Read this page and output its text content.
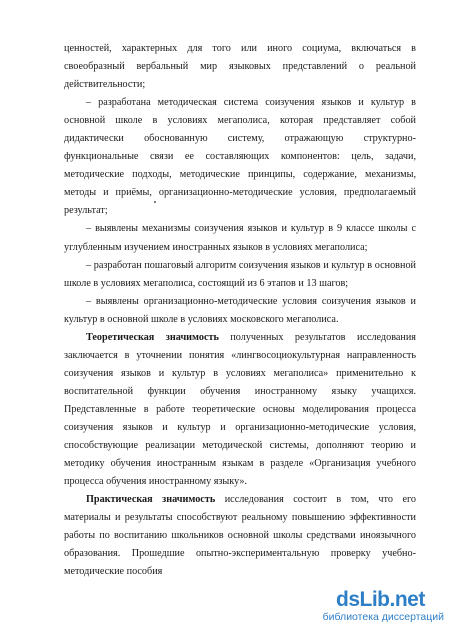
ценностей, характерных для того или иного социума, включаться в своеобразный вербальный мир языковых представлений о реальной действительности;

– разработана методическая система соизучения языков и культур в основной школе в условиях мегаполиса, которая представляет собой дидактически обоснованную систему, отражающую структурно-функциональные связи ее составляющих компонентов: цель, задачи, методические подходы, методические принципы, содержание, механизмы, методы и приёмы, организационно-методические условия, предполагаемый результат;

– выявлены механизмы соизучения языков и культур в 9 классе школы с углубленным изучением иностранных языков в условиях мегаполиса;

– разработан пошаговый алгоритм соизучения языков и культур в основной школе в условиях мегаполиса, состоящий из 6 этапов и 13 шагов;

– выявлены организационно-методические условия соизучения языков и культур в основной школе в условиях московского мегаполиса.

Теоретическая значимость полученных результатов исследования заключается в уточнении понятия «лингвосоциокультурная направленность соизучения языков и культур в условиях мегаполиса» применительно к воспитательной функции обучения иностранному языку учащихся. Представленные в работе теоретические основы моделирования процесса соизучения языков и культур и организационно-методические условия, способствующие реализации методической системы, дополняют теорию и методику обучения иностранным языкам в разделе «Организация учебного процесса обучения иностранному языку».

Практическая значимость исследования состоит в том, что его материалы и результаты способствуют реальному повышению эффективности работы по воспитанию школьников основной школы средствами иноязычного образования. Прошедшие опытно-экспериментальную проверку учебно-методические пособия

dsLib.net
библиотека диссертаций
